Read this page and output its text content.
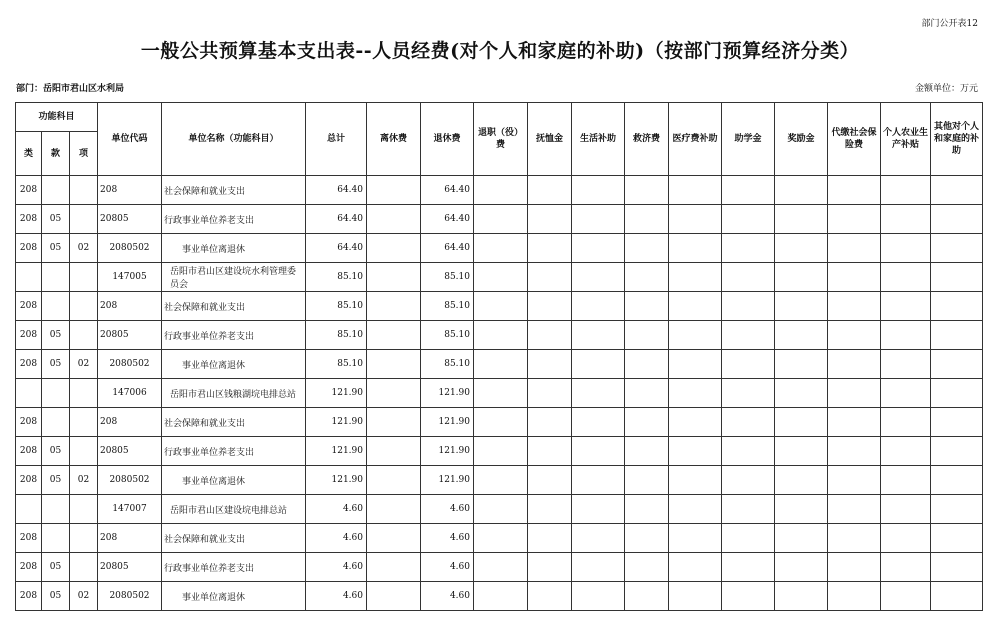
部门公开表12
一般公共预算基本支出表--人员经费(对个人和家庭的补助)（按部门预算经济分类）
部门：岳阳市君山区水利局	金额单位：万元
功能科目			单位代码	单位名称（功能科目）	总计	离休费	退休费	退职（役）费	抚恤金	生活补助	救济费	医疗费补助	助学金	奖励金	代缴社会保险费	个人农业生产补贴	其他对个人和家庭的补助
类	款	项															
208			208	社会保障和就业支出	64.40		64.40										
208	05		20805	行政事业单位养老支出	64.40		64.40										
208	05	02	2080502	事业单位离退休	64.40		64.40										
			147005	岳阳市君山区建设垸水利管理委员会	85.10		85.10										
208			208	社会保障和就业支出	85.10		85.10										
208	05		20805	行政事业单位养老支出	85.10		85.10										
208	05	02	2080502	事业单位离退休	85.10		85.10										
			147006	岳阳市君山区钱粮湖垸电排总站	121.90		121.90										
208			208	社会保障和就业支出	121.90		121.90										
208	05		20805	行政事业单位养老支出	121.90		121.90										
208	05	02	2080502	事业单位离退休	121.90		121.90										
			147007	岳阳市君山区建设垸电排总站	4.60		4.60										
208			208	社会保障和就业支出	4.60		4.60										
208	05		20805	行政事业单位养老支出	4.60		4.60										
208	05	02	2080502	事业单位离退休	4.60		4.60										
